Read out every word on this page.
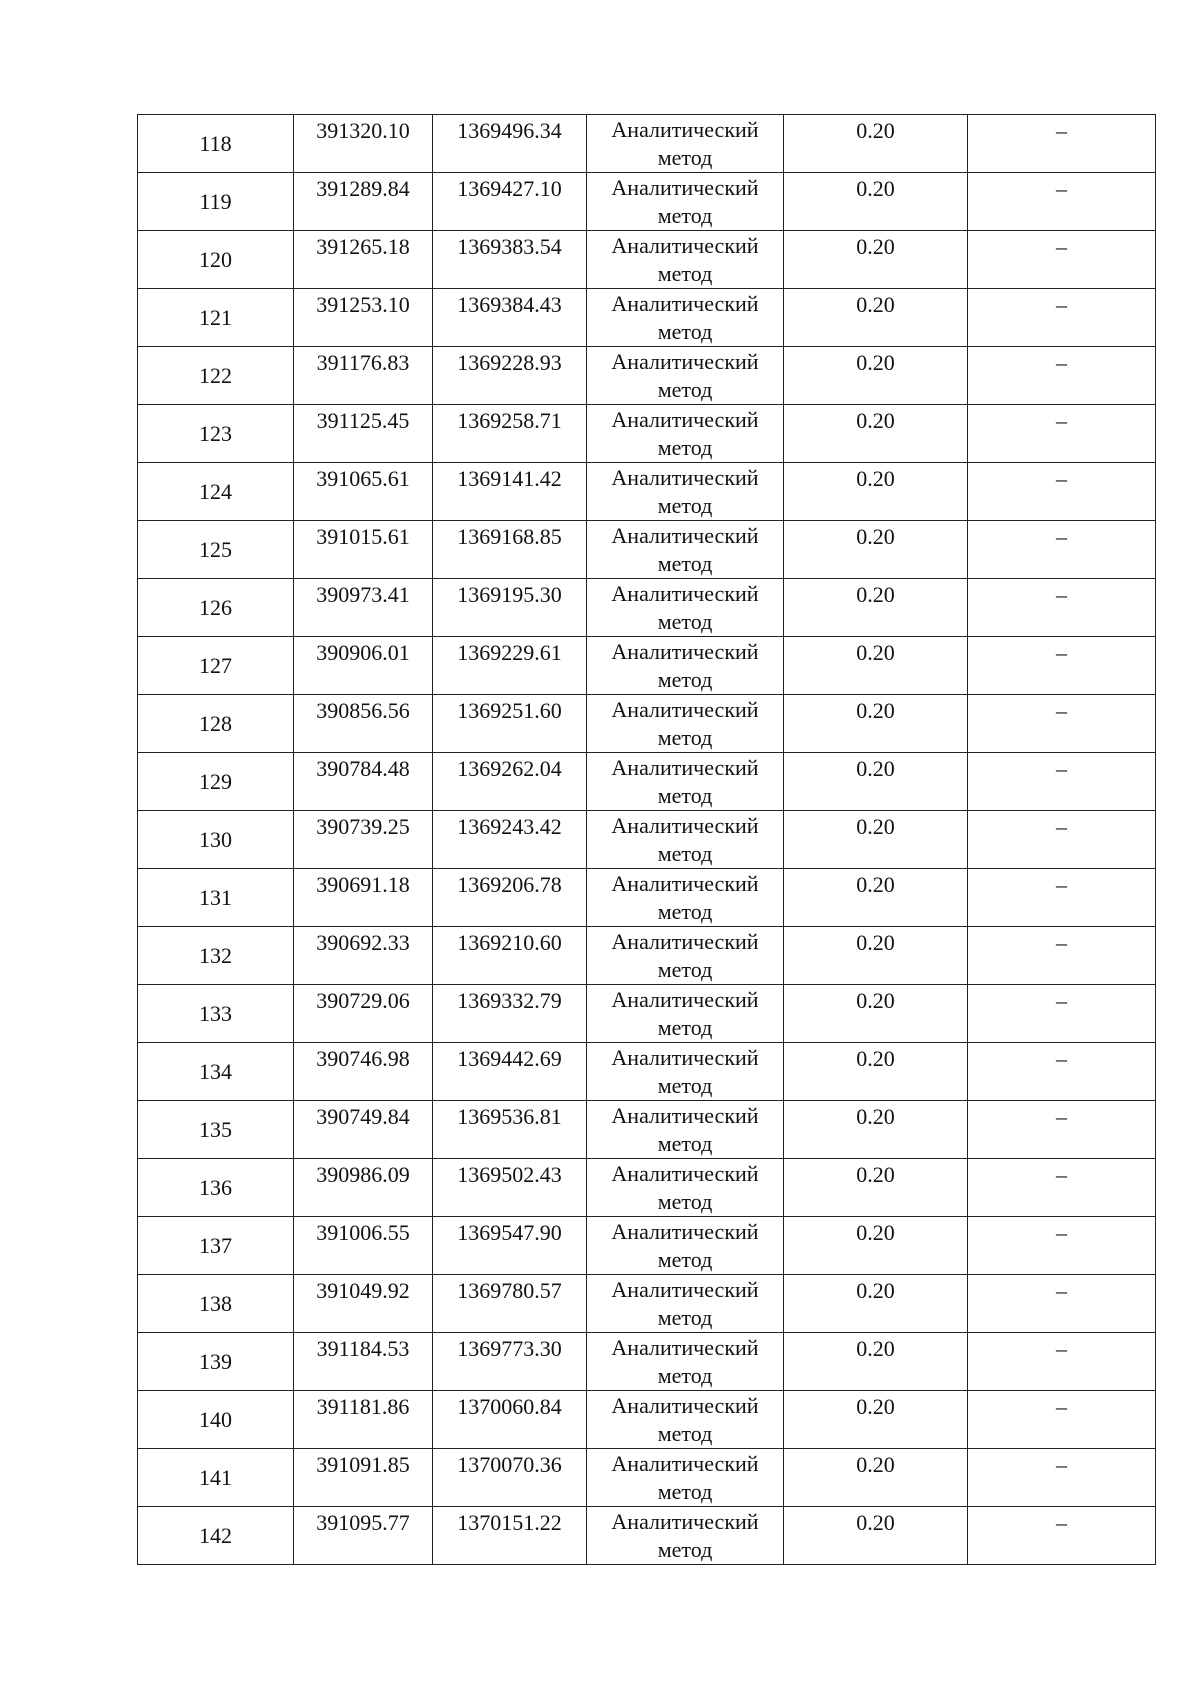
118	391320.10	1369496.34	Аналитический метод	0.20	–

119	391289.84	1369427.10	Аналитический метод	0.20	–

120	391265.18	1369383.54	Аналитический метод	0.20	–

121	391253.10	1369384.43	Аналитический метод	0.20	–

122	391176.83	1369228.93	Аналитический метод	0.20	–

123	391125.45	1369258.71	Аналитический метод	0.20	–

124	391065.61	1369141.42	Аналитический метод	0.20	–

125	391015.61	1369168.85	Аналитический метод	0.20	–

126	390973.41	1369195.30	Аналитический метод	0.20	–

127	390906.01	1369229.61	Аналитический метод	0.20	–

128	390856.56	1369251.60	Аналитический метод	0.20	–

129	390784.48	1369262.04	Аналитический метод	0.20	–

130	390739.25	1369243.42	Аналитический метод	0.20	–

131	390691.18	1369206.78	Аналитический метод	0.20	–

132	390692.33	1369210.60	Аналитический метод	0.20	–

133	390729.06	1369332.79	Аналитический метод	0.20	–

134	390746.98	1369442.69	Аналитический метод	0.20	–

135	390749.84	1369536.81	Аналитический метод	0.20	–

136	390986.09	1369502.43	Аналитический метод	0.20	–

137	391006.55	1369547.90	Аналитический метод	0.20	–

138	391049.92	1369780.57	Аналитический метод	0.20	–

139	391184.53	1369773.30	Аналитический метод	0.20	–

140	391181.86	1370060.84	Аналитический метод	0.20	–

141	391091.85	1370070.36	Аналитический метод	0.20	–

142	391095.77	1370151.22	Аналитический метод	0.20	–
